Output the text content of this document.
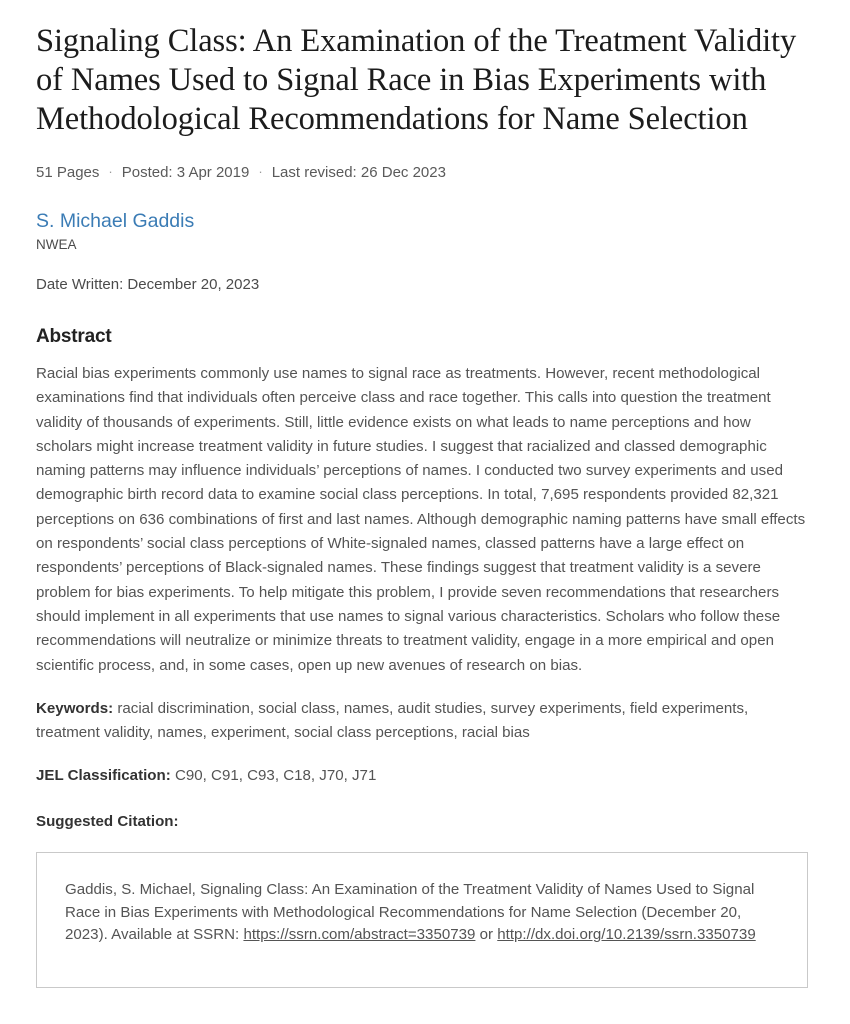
Signaling Class: An Examination of the Treatment Validity of Names Used to Signal Race in Bias Experiments with Methodological Recommendations for Name Selection
51 Pages · Posted: 3 Apr 2019 · Last revised: 26 Dec 2023
S. Michael Gaddis
NWEA
Date Written: December 20, 2023
Abstract
Racial bias experiments commonly use names to signal race as treatments. However, recent methodological examinations find that individuals often perceive class and race together. This calls into question the treatment validity of thousands of experiments. Still, little evidence exists on what leads to name perceptions and how scholars might increase treatment validity in future studies. I suggest that racialized and classed demographic naming patterns may influence individuals’ perceptions of names. I conducted two survey experiments and used demographic birth record data to examine social class perceptions. In total, 7,695 respondents provided 82,321 perceptions on 636 combinations of first and last names. Although demographic naming patterns have small effects on respondents’ social class perceptions of White-signaled names, classed patterns have a large effect on respondents’ perceptions of Black-signaled names. These findings suggest that treatment validity is a severe problem for bias experiments. To help mitigate this problem, I provide seven recommendations that researchers should implement in all experiments that use names to signal various characteristics. Scholars who follow these recommendations will neutralize or minimize threats to treatment validity, engage in a more empirical and open scientific process, and, in some cases, open up new avenues of research on bias.
Keywords: racial discrimination, social class, names, audit studies, survey experiments, field experiments, treatment validity, names, experiment, social class perceptions, racial bias
JEL Classification: C90, C91, C93, C18, J70, J71
Suggested Citation:
Gaddis, S. Michael, Signaling Class: An Examination of the Treatment Validity of Names Used to Signal Race in Bias Experiments with Methodological Recommendations for Name Selection (December 20, 2023). Available at SSRN: https://ssrn.com/abstract=3350739 or http://dx.doi.org/10.2139/ssrn.3350739
